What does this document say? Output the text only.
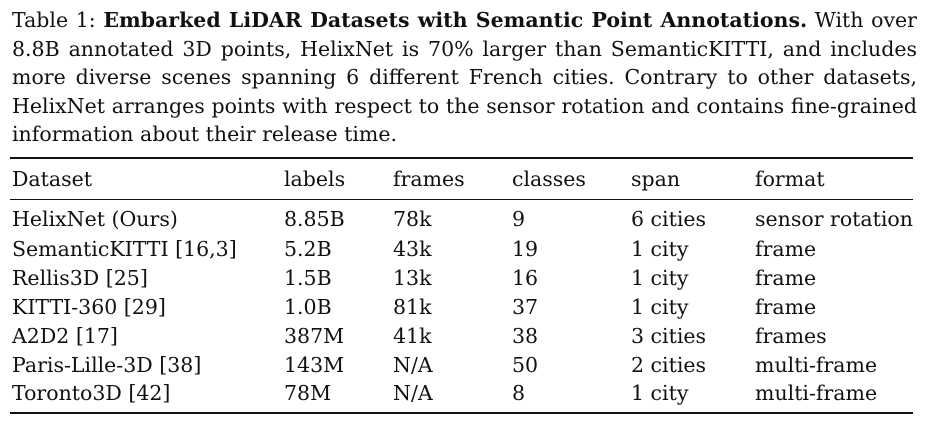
Table 1: Embarked LiDAR Datasets with Semantic Point Annotations. With over 8.8B annotated 3D points, HelixNet is 70% larger than SemanticKITTI, and includes more diverse scenes spanning 6 different French cities. Contrary to other datasets, HelixNet arranges points with respect to the sensor rotation and contains fine-grained information about their release time.
Dataset	labels	frames	classes	span	format
HelixNet (Ours)	8.85B	78k	9	6 cities	sensor rotation
SemanticKITTI [16,3]	5.2B	43k	19	1 city	frame
Rellis3D [25]	1.5B	13k	16	1 city	frame
KITTI-360 [29]	1.0B	81k	37	1 city	frame
A2D2 [17]	387M	41k	38	3 cities	frames
Paris-Lille-3D [38]	143M	N/A	50	2 cities	multi-frame
Toronto3D [42]	78M	N/A	8	1 city	multi-frame
